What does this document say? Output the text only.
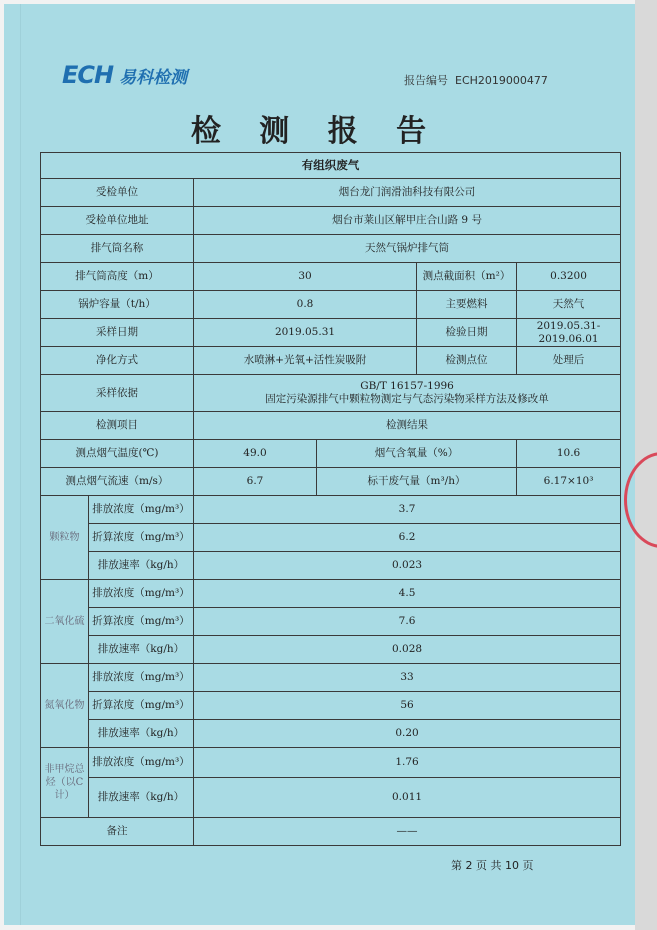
ECH 易科检测	报告编号 ECH2019000477
检 测 报 告
有组织废气					
受检单位		烟台龙门润滑油科技有限公司			
受检单位地址		烟台市莱山区解甲庄合山路 9 号			
排气筒名称		天然气锅炉排气筒			
排气筒高度（m）		30		测点截面积（m²）	0.3200
锅炉容量（t/h）		0.8		主要燃料	天然气
采样日期		2019.05.31		检验日期	2019.05.31-2019.06.01
净化方式		水喷淋+光氧+活性炭吸附		检测点位	处理后
采样依据		GB/T 16157-1996
固定污染源排气中颗粒物测定与气态污染物采样方法及修改单			

检测项目		检测结果			
测点烟气温度(℃)		49.0	烟气含氧量（%）		10.6
测点烟气流速（m/s）		6.7	标干废气量（m³/h）		6.17×10³
颗粒物	排放浓度（mg/m³）	3.7			
	折算浓度（mg/m³）	6.2			
	排放速率（kg/h）	0.023			
二氧化硫	排放浓度（mg/m³）	4.5			
	折算浓度（mg/m³）	7.6			
	排放速率（kg/h）	0.028			
氮氧化物	排放浓度（mg/m³）	33			
	折算浓度（mg/m³）	56			
	排放速率（kg/h）	0.20			
非甲烷总烃（以C计）	排放浓度（mg/m³）	1.76			
	排放速率（kg/h）	0.011			
备注		——			
第 2 页 共 10 页
